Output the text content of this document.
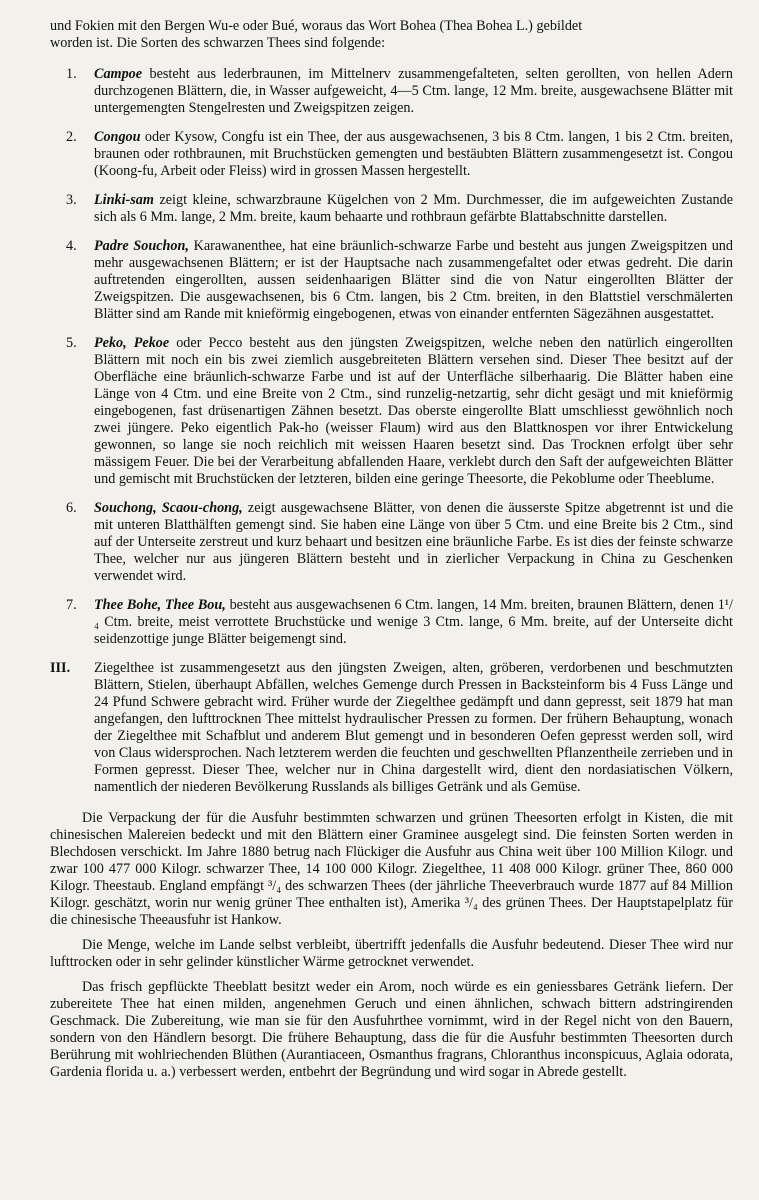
und Fokien mit den Bergen Wu-e oder Bué, woraus das Wort Bohea (Thea Bohea L.) gebildet
worden ist. Die Sorten des schwarzen Thees sind folgende:

1. Campoe besteht aus lederbraunen, im Mittelnerv zusammengefalteten, selten gerollten, von hellen Adern durchzogenen Blättern, die, in Wasser aufgeweicht, 4—5 Ctm. lange, 12 Mm. breite, ausgewachsene Blätter mit untergemengten Stengelresten und Zweigspitzen zeigen.
2. Congou oder Kysow, Congfu ist ein Thee, der aus ausgewachsenen, 3 bis 8 Ctm. langen, 1 bis 2 Ctm. breiten, braunen oder rothbraunen, mit Bruchstücken gemengten und bestäubten Blättern zusammengesetzt ist. Congou (Koong-fu, Arbeit oder Fleiss) wird in grossen Massen hergestellt.
3. Linki-sam zeigt kleine, schwarzbraune Kügelchen von 2 Mm. Durchmesser, die im aufgeweichten Zustande sich als 6 Mm. lange, 2 Mm. breite, kaum behaarte und rothbraun gefärbte Blattabschnitte darstellen.
4. Padre Souchon, Karawanenthee, hat eine bräunlich-schwarze Farbe und besteht aus jungen Zweigspitzen und mehr ausgewachsenen Blättern; er ist der Hauptsache nach zusammengefaltet oder etwas gedreht. Die darin auftretenden eingerollten, aussen seidenhaarigen Blätter sind die von Natur eingerollten Blätter der Zweigspitzen. Die ausgewachsenen, bis 6 Ctm. langen, bis 2 Ctm. breiten, in den Blattstiel verschmälerten Blätter sind am Rande mit knieförmig eingebogenen, etwas von einander entfernten Sägezähnen ausgestattet.
5. Peko, Pekoe oder Pecco besteht aus den jüngsten Zweigspitzen, welche neben den natürlich eingerollten Blättern mit noch ein bis zwei ziemlich ausgebreiteten Blättern versehen sind. Dieser Thee besitzt auf der Oberfläche eine bräunlich-schwarze Farbe und ist auf der Unterfläche silberhaarig. Die Blätter haben eine Länge von 4 Ctm. und eine Breite von 2 Ctm., sind runzelig-netzartig, sehr dicht gesägt und mit knieförmig eingebogenen, fast drüsenartigen Zähnen besetzt. Das oberste eingerollte Blatt umschliesst gewöhnlich noch zwei jüngere. Peko eigentlich Pak-ho (weisser Flaum) wird aus den Blattknospen vor ihrer Entwickelung gewonnen, so lange sie noch reichlich mit weissen Haaren besetzt sind. Das Trocknen erfolgt über sehr mässigem Feuer. Die bei der Verarbeitung abfallenden Haare, verklebt durch den Saft der aufgeweichten Blätter und gemischt mit Bruchstücken der letzteren, bilden eine geringe Theesorte, die Pekoblume oder Theeblume.
6. Souchong, Scaou-chong, zeigt ausgewachsene Blätter, von denen die äusserste Spitze abgetrennt ist und die mit unteren Blatthälften gemengt sind. Sie haben eine Länge von über 5 Ctm. und eine Breite bis 2 Ctm., sind auf der Unterseite zerstreut und kurz behaart und besitzen eine bräunliche Farbe. Es ist dies der feinste schwarze Thee, welcher nur aus jüngeren Blättern besteht und in zierlicher Verpackung in China zu Geschenken verwendet wird.
7. Thee Bohe, Thee Bou, besteht aus ausgewachsenen 6 Ctm. langen, 14 Mm. breiten, braunen Blättern, denen 1¹/₄ Ctm. breite, meist verrottete Bruchstücke und wenige 3 Ctm. lange, 6 Mm. breite, auf der Unterseite dicht seidenzottige junge Blätter beigemengt sind.
III. Ziegelthee ist zusammengesetzt aus den jüngsten Zweigen, alten, gröberen, verdorbenen und beschmutzten Blättern, Stielen, überhaupt Abfällen, welches Gemenge durch Pressen in Backsteinform bis 4 Fuss Länge und 24 Pfund Schwere gebracht wird. Früher wurde der Ziegelthee gedämpft und dann gepresst, seit 1879 hat man angefangen, den lufttrocknen Thee mittelst hydraulischer Pressen zu formen. Der frühern Behauptung, wonach der Ziegelthee mit Schafblut und anderem Blut gemengt und in besonderen Oefen gepresst werden soll, wird von Claus widersprochen. Nach letzterem werden die feuchten und geschwellten Pflanzentheile zerrieben und in Formen gepresst. Dieser Thee, welcher nur in China dargestellt wird, dient den nordasiatischen Völkern, namentlich der niederen Bevölkerung Russlands als billiges Getränk und als Gemüse.

Die Verpackung der für die Ausfuhr bestimmten schwarzen und grünen Theesorten erfolgt in Kisten, die mit chinesischen Malereien bedeckt und mit den Blättern einer Graminee ausgelegt sind. Die feinsten Sorten werden in Blechdosen verschickt. Im Jahre 1880 betrug nach Flückiger die Ausfuhr aus China weit über 100 Million Kilogr. und zwar 100 477 000 Kilogr. schwarzer Thee, 14 100 000 Kilogr. Ziegelthee, 11 408 000 Kilogr. grüner Thee, 860 000 Kilogr. Theestaub. England empfängt ³/₄ des schwarzen Thees (der jährliche Theeverbrauch wurde 1877 auf 84 Million Kilogr. geschätzt, worin nur wenig grüner Thee enthalten ist), Amerika ³/₄ des grünen Thees. Der Hauptstapelplatz für die chinesische Theeausfuhr ist Hankow.

Die Menge, welche im Lande selbst verbleibt, übertrifft jedenfalls die Ausfuhr bedeutend. Dieser Thee wird nur lufttrocken oder in sehr gelinder künstlicher Wärme getrocknet verwendet.

Das frisch gepflückte Theeblatt besitzt weder ein Arom, noch würde es ein geniessbares Getränk liefern. Der zubereitete Thee hat einen milden, angenehmen Geruch und einen ähnlichen, schwach bittern adstringirenden Geschmack. Die Zubereitung, wie man sie für den Ausfuhrthee vornimmt, wird in der Regel nicht von den Bauern, sondern von den Händlern besorgt. Die frühere Behauptung, dass die für die Ausfuhr bestimmten Theesorten durch Berührung mit wohlriechenden Blüthen (Aurantiaceen, Osmanthus fragrans, Chloranthus inconspicuus, Aglaia odorata, Gardenia florida u. a.) verbessert werden, entbehrt der Begründung und wird sogar in Abrede gestellt.
